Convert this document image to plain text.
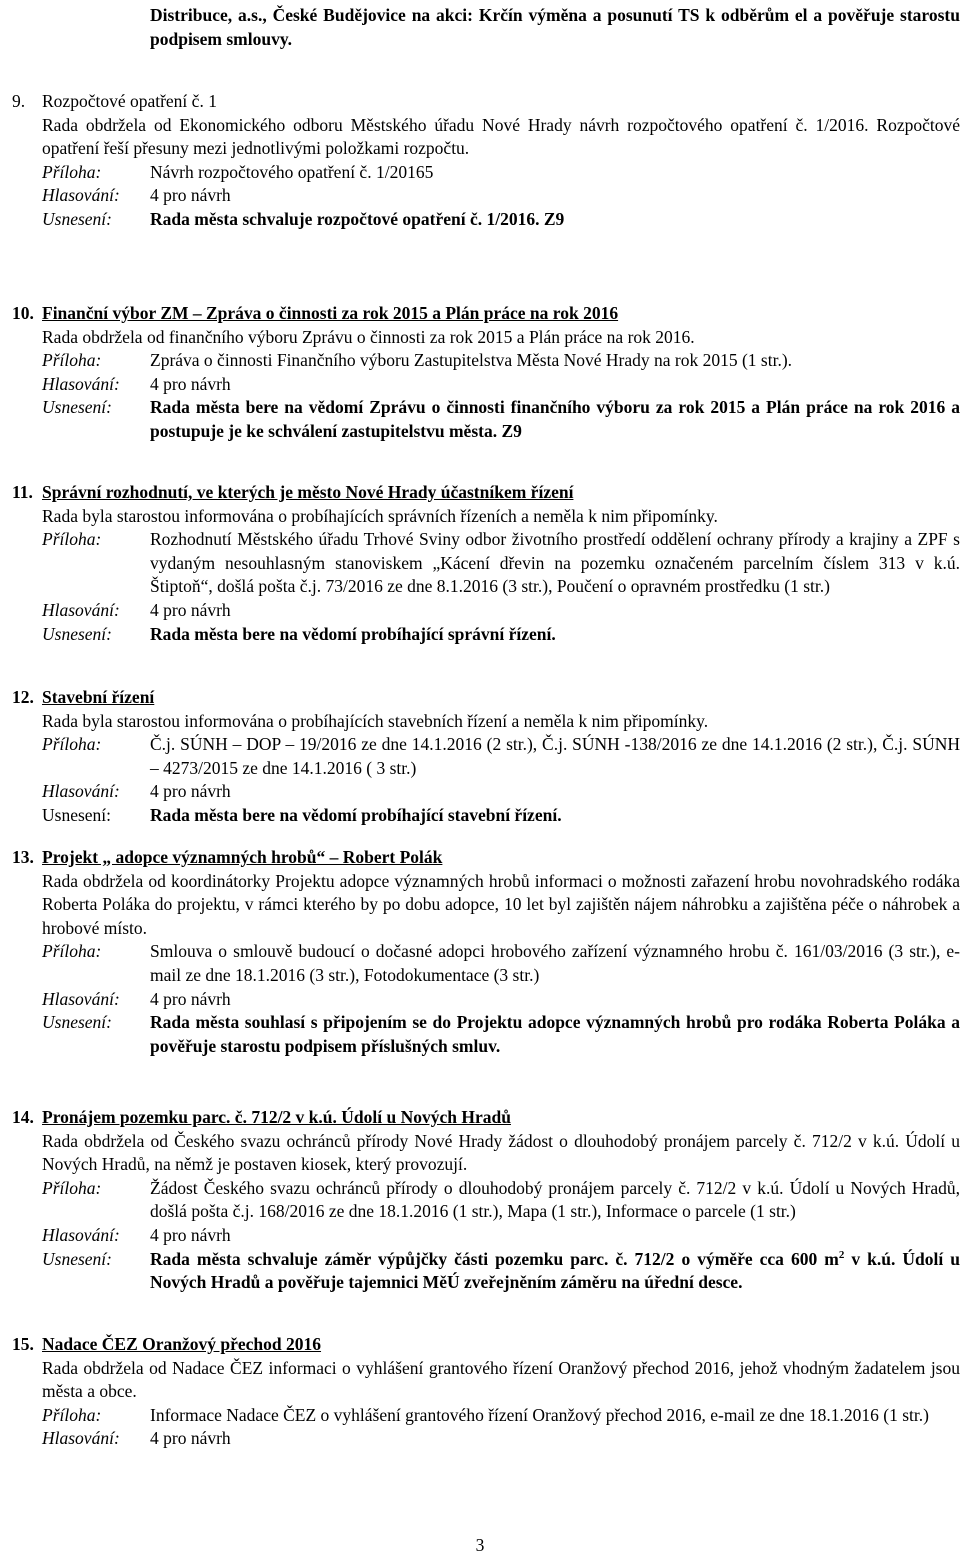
Distribuce, a.s., České Budějovice na akci: Krčín výměna a posunutí TS k odběrům el a pověřuje starostu podpisem smlouvy.
9. Rozpočtové opatření č. 1
Rada obdržela od Ekonomického odboru Městského úřadu Nové Hrady návrh rozpočtového opatření č. 1/2016. Rozpočtové opatření řeší přesuny mezi jednotlivými položkami rozpočtu.
Příloha:	Návrh rozpočtového opatření č. 1/20165
Hlasování: 4 pro návrh
Usnesení: Rada města schvaluje rozpočtové opatření č. 1/2016. Z9
10. Finanční výbor ZM – Zpráva o činnosti za rok 2015 a Plán práce na rok 2016
Rada obdržela od finančního výboru Zprávu o činnosti za rok 2015 a Plán práce na rok 2016.
Příloha:	Zpráva o činnosti Finančního výboru Zastupitelstva Města Nové Hrady na rok 2015 (1 str.).
Hlasování: 4 pro návrh
Usnesení: Rada města bere na vědomí Zprávu o činnosti finančního výboru za rok 2015 a Plán práce na rok 2016 a postupuje je ke schválení zastupitelstvu města. Z9
11. Správní rozhodnutí, ve kterých je město Nové Hrady účastníkem řízení
Rada byla starostou informována o probíhajících správních řízeních a neměla k nim připomínky.
Příloha:	Rozhodnutí Městského úřadu Trhové Sviny odbor životního prostředí oddělení ochrany přírody a krajiny a ZPF s vydaným nesouhlasným stanoviskem „Kácení dřevin na pozemku označeném parcelním číslem 313 v k.ú. Štiptoň“, došlá pošta č.j. 73/2016 ze dne 8.1.2016 (3 str.), Poučení o opravném prostředku (1 str.)
Hlasování: 4 pro návrh
Usnesení: Rada města bere na vědomí probíhající správní řízení.
12. Stavební řízení
Rada byla starostou informována o probíhajících stavebních řízení a neměla k nim připomínky.
Příloha:	Č.j. SÚNH – DOP – 19/2016 ze dne 14.1.2016 (2 str.), Č.j. SÚNH -138/2016 ze dne 14.1.2016 (2 str.), Č.j. SÚNH – 4273/2015 ze dne 14.1.2016 ( 3 str.)
Hlasování: 4 pro návrh
Usnesení: Rada města bere na vědomí probíhající stavební řízení.
13. Projekt „ adopce významných hrobů“ – Robert Polák
Rada obdržela od koordinátorky Projektu adopce významných hrobů informaci o možnosti zařazení hrobu novohradského rodáka Roberta Poláka do projektu, v rámci kterého by po dobu adopce, 10 let byl zajištěn nájem náhrobku a zajištěna péče o náhrobek a hrobové místo.
Příloha:	Smlouva o smlouvě budoucí o dočasné adopci hrobového zařízení významného hrobu č. 161/03/2016 (3 str.), e-mail ze dne 18.1.2016 (3 str.), Fotodokumentace (3 str.)
Hlasování: 4 pro návrh
Usnesení: Rada města souhlasí s připojením se do Projektu adopce významných hrobů pro rodáka Roberta Poláka a pověřuje starostu podpisem příslušných smluv.
14. Pronájem pozemku parc. č. 712/2 v k.ú. Údolí u Nových Hradů
Rada obdržela od Českého svazu ochránců přírody Nové Hrady žádost o dlouhodobý pronájem parcely č. 712/2 v k.ú. Údolí u Nových Hradů, na němž je postaven kiosek, který provozují.
Příloha:	Žádost Českého svazu ochránců přírody o dlouhodobý pronájem parcely č. 712/2 v k.ú. Údolí u Nových Hradů, došlá pošta č.j. 168/2016 ze dne 18.1.2016 (1 str.), Mapa (1 str.), Informace o parcele (1 str.)
Hlasování: 4 pro návrh
Usnesení: Rada města schvaluje záměr výpůjčky části pozemku parc. č. 712/2 o výměře cca 600 $m^2$ v k.ú. Údolí u Nových Hradů a pověřuje tajemnici MěÚ zveřejněním záměru na úřední desce.
15. Nadace ČEZ Oranžový přechod 2016
Rada obdržela od Nadace ČEZ informaci o vyhlášení grantového řízení Oranžový přechod 2016, jehož vhodným žadatelem jsou města a obce.
Příloha:	Informace Nadace ČEZ o vyhlášení grantového řízení Oranžový přechod 2016, e-mail ze dne 18.1.2016 (1 str.)
Hlasování: 4 pro návrh
3
